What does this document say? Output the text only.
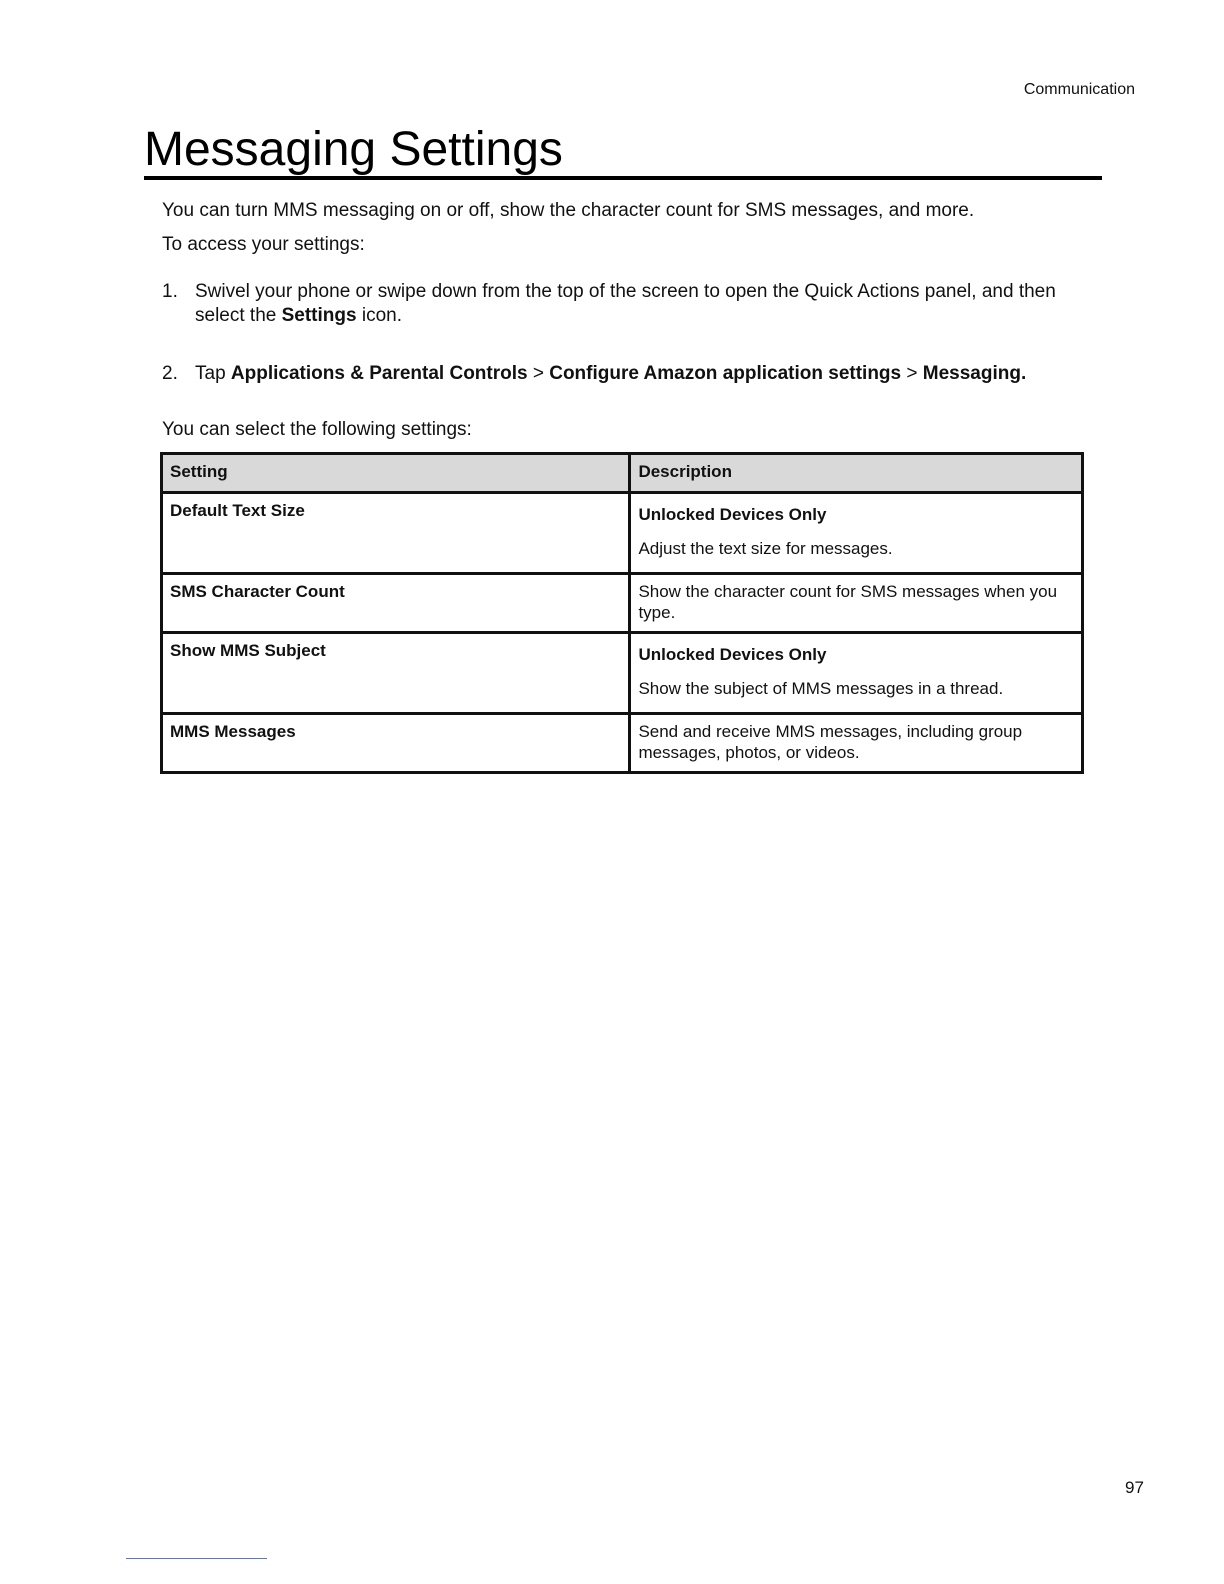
Communication
Messaging Settings

You can turn MMS messaging on or off, show the character count for SMS messages, and more.

To access your settings:

1. Swivel your phone or swipe down from the top of the screen to open the Quick Actions panel, and then select the Settings icon.
2. Tap Applications & Parental Controls > Configure Amazon application settings > Messaging.

You can select the following settings:

Setting	Description
Default Text Size	Unlocked Devices Only
Adjust the text size for messages.
SMS Character Count	Show the character count for SMS messages when you type.
Show MMS Subject	Unlocked Devices Only
Show the subject of MMS messages in a thread.
MMS Messages	Send and receive MMS messages, including group messages, photos, or videos.
97
